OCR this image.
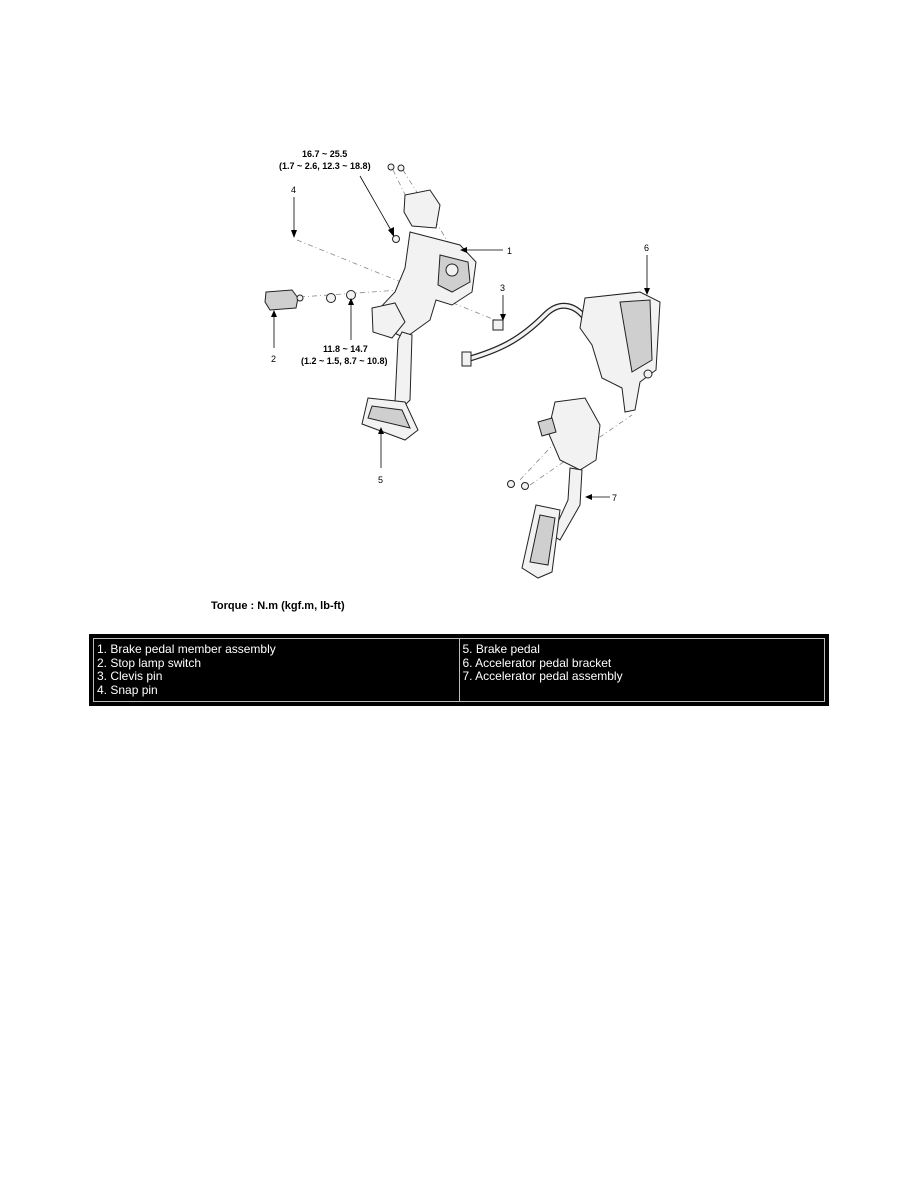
4
1
3
2
5
6
7
16.7 ~ 25.5
(1.7 ~ 2.6, 12.3 ~ 18.8)
11.8 ~ 14.7
(1.2 ~ 1.5, 8.7 ~ 10.8)
Torque : N.m (kgf.m, lb-ft)
1. Brake pedal member assembly
2. Stop lamp switch
3. Clevis pin
4. Snap pin
5. Brake pedal
6. Accelerator pedal bracket
7. Accelerator pedal assembly
